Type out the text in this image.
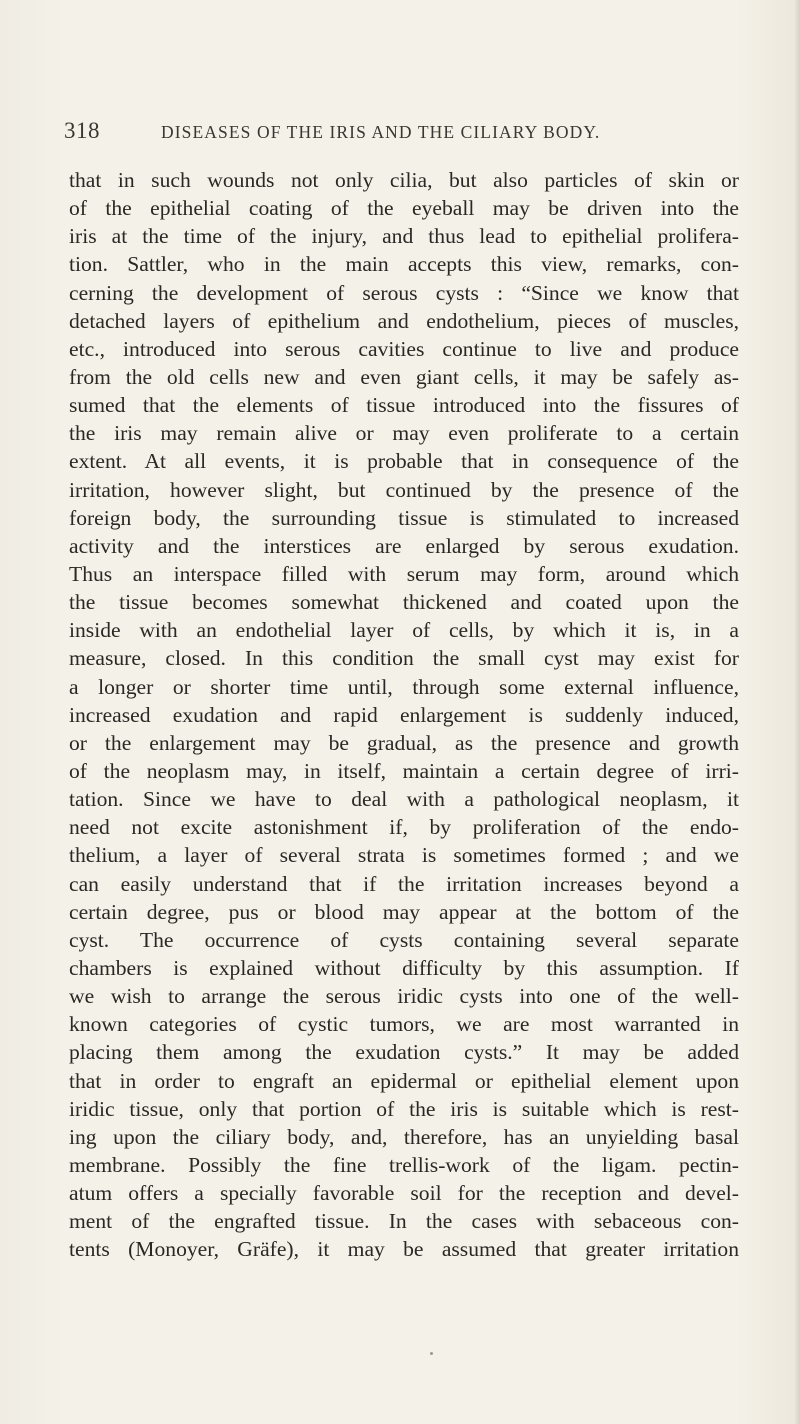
318	DISEASES OF THE IRIS AND THE CILIARY BODY.
that in such wounds not only cilia, but also particles of skin or
of the epithelial coating of the eyeball may be driven into the
iris at the time of the injury, and thus lead to epithelial prolifera-
tion. Sattler, who in the main accepts this view, remarks, con-
cerning the development of serous cysts : “Since we know that
detached layers of epithelium and endothelium, pieces of muscles,
etc., introduced into serous cavities continue to live and produce
from the old cells new and even giant cells, it may be safely as-
sumed that the elements of tissue introduced into the fissures of
the iris may remain alive or may even proliferate to a certain
extent. At all events, it is probable that in consequence of the
irritation, however slight, but continued by the presence of the
foreign body, the surrounding tissue is stimulated to increased
activity and the interstices are enlarged by serous exudation.
Thus an interspace filled with serum may form, around which
the tissue becomes somewhat thickened and coated upon the
inside with an endothelial layer of cells, by which it is, in a
measure, closed. In this condition the small cyst may exist for
a longer or shorter time until, through some external influence,
increased exudation and rapid enlargement is suddenly induced,
or the enlargement may be gradual, as the presence and growth
of the neoplasm may, in itself, maintain a certain degree of irri-
tation. Since we have to deal with a pathological neoplasm, it
need not excite astonishment if, by proliferation of the endo-
thelium, a layer of several strata is sometimes formed ; and we
can easily understand that if the irritation increases beyond a
certain degree, pus or blood may appear at the bottom of the
cyst. The occurrence of cysts containing several separate
chambers is explained without difficulty by this assumption. If
we wish to arrange the serous iridic cysts into one of the well-
known categories of cystic tumors, we are most warranted in
placing them among the exudation cysts.” It may be added
that in order to engraft an epidermal or epithelial element upon
iridic tissue, only that portion of the iris is suitable which is rest-
ing upon the ciliary body, and, therefore, has an unyielding basal
membrane. Possibly the fine trellis-work of the ligam. pectin-
atum offers a specially favorable soil for the reception and devel-
ment of the engrafted tissue. In the cases with sebaceous con-
tents (Monoyer, Gräfe), it may be assumed that greater irritation
